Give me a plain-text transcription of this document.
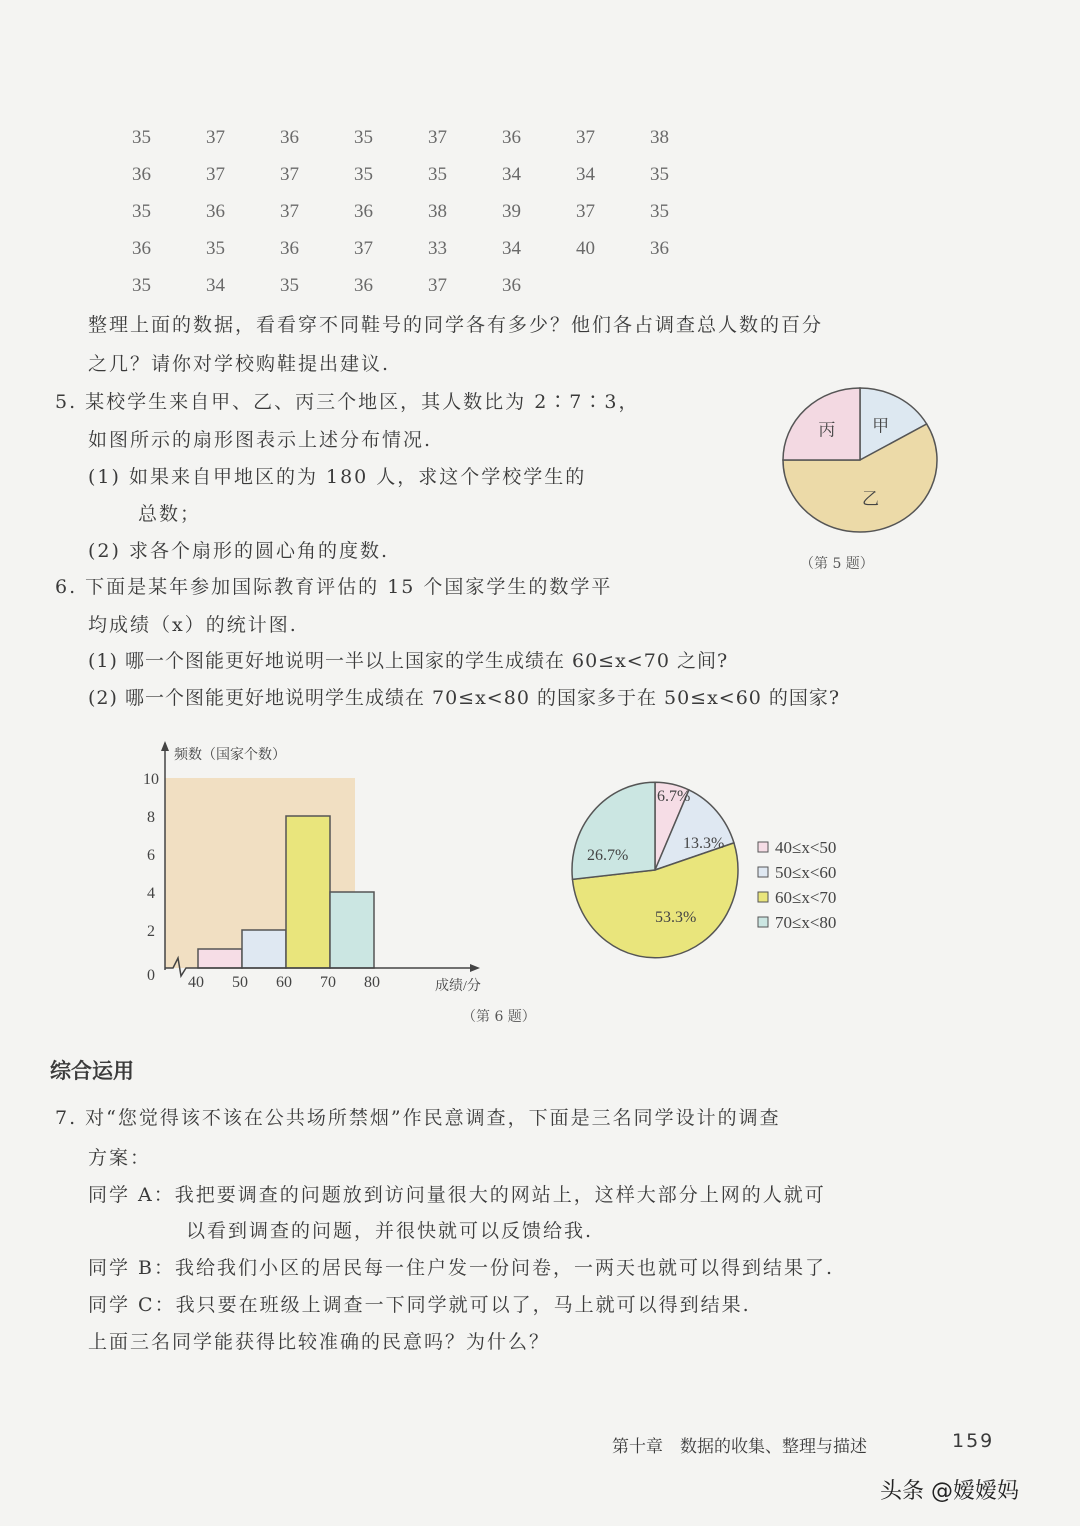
35	37	36	35	37	36	37	38
36	37	37	35	35	34	34	35
35	36	37	36	38	39	37	35
36	35	36	37	33	34	40	36
35	34	35	36	37	36
整理上面的数据，看看穿不同鞋号的同学各有多少？他们各占调查总人数的百分
之几？请你对学校购鞋提出建议.
5. 某校学生来自甲、乙、丙三个地区，其人数比为 2∶7∶3，
如图所示的扇形图表示上述分布情况.
(1) 如果来自甲地区的为 180 人，求这个学校学生的
总数；
(2) 求各个扇形的圆心角的度数.
甲
乙
丙
（第 5 题）
6. 下面是某年参加国际教育评估的 15 个国家学生的数学平
均成绩（x）的统计图.
(1) 哪一个图能更好地说明一半以上国家的学生成绩在 60≤x<70 之间?
(2) 哪一个图能更好地说明学生成绩在 70≤x<80 的国家多于在 50≤x<60 的国家?
0
2
4
6
8
10
40 50 60 70 80
频数（国家个数）
成绩/分
6.7%
13.3%
53.3%
26.7%	40≤x<50
50≤x<60
60≤x<70
70≤x<80
（第 6 题）
综合运用
7. 对“您觉得该不该在公共场所禁烟”作民意调查，下面是三名同学设计的调查
方案：
同学 A：我把要调查的问题放到访问量很大的网站上，这样大部分上网的人就可
以看到调查的问题，并很快就可以反馈给我.
同学 B：我给我们小区的居民每一住户发一份问卷，一两天也就可以得到结果了.
同学 C：我只要在班级上调查一下同学就可以了，马上就可以得到结果.
上面三名同学能获得比较准确的民意吗？为什么？
第十章　数据的收集、整理与描述	159
头条 @嫒嫒妈
